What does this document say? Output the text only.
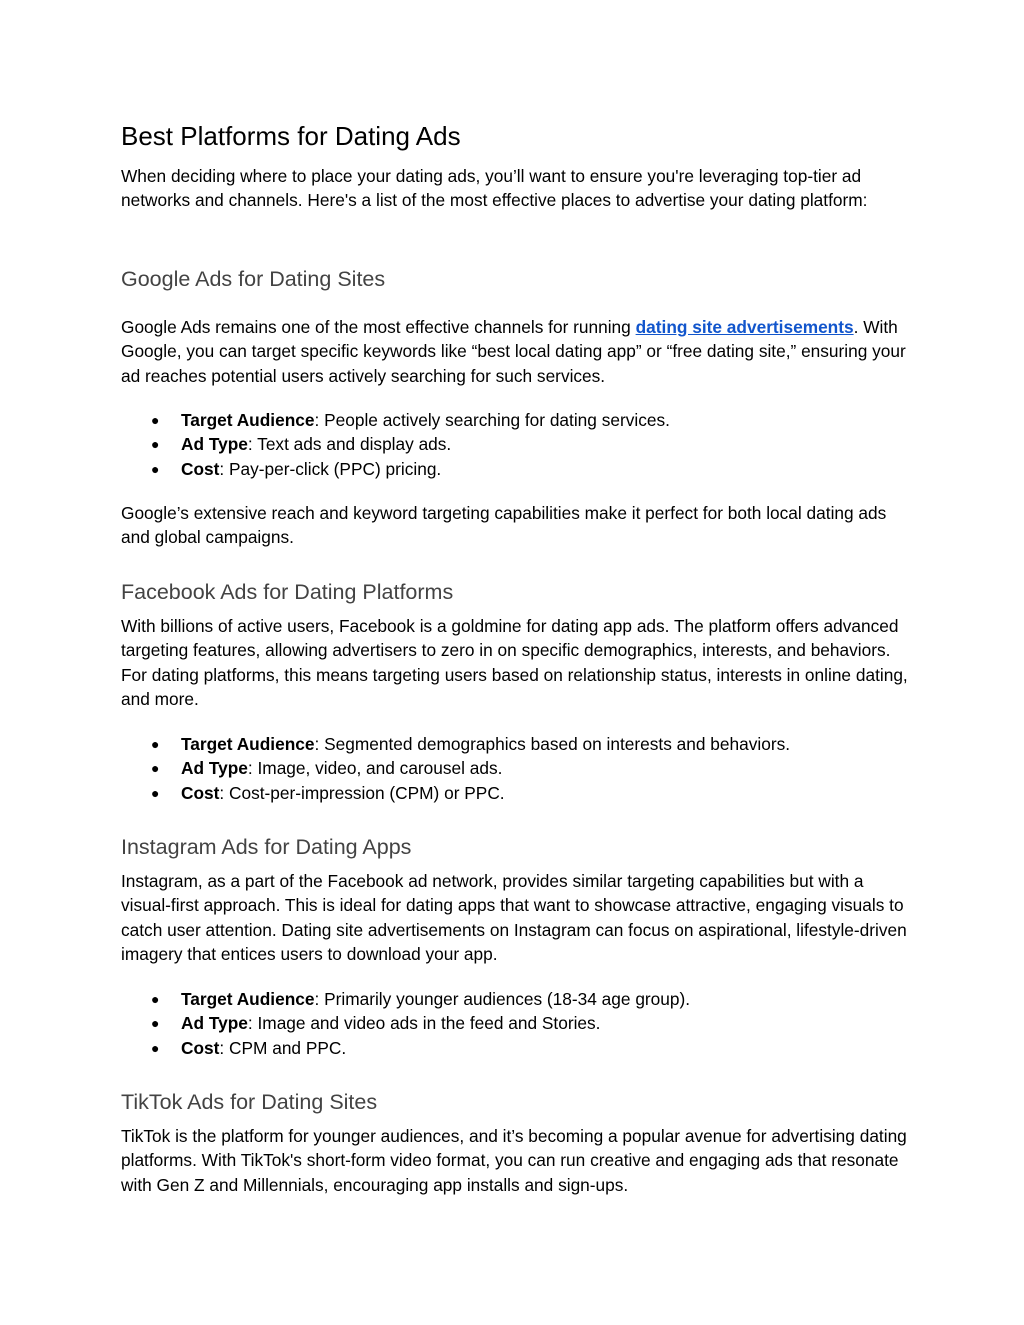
Best Platforms for Dating Ads
When deciding where to place your dating ads, you’ll want to ensure you're leveraging top-tier ad networks and channels. Here's a list of the most effective places to advertise your dating platform:
Google Ads for Dating Sites
Google Ads remains one of the most effective channels for running dating site advertisements. With Google, you can target specific keywords like “best local dating app” or “free dating site,” ensuring your ad reaches potential users actively searching for such services.
● Target Audience: People actively searching for dating services.
● Ad Type: Text ads and display ads.
● Cost: Pay-per-click (PPC) pricing.
Google’s extensive reach and keyword targeting capabilities make it perfect for both local dating ads and global campaigns.
Facebook Ads for Dating Platforms
With billions of active users, Facebook is a goldmine for dating app ads. The platform offers advanced targeting features, allowing advertisers to zero in on specific demographics, interests, and behaviors. For dating platforms, this means targeting users based on relationship status, interests in online dating, and more.
● Target Audience: Segmented demographics based on interests and behaviors.
● Ad Type: Image, video, and carousel ads.
● Cost: Cost-per-impression (CPM) or PPC.
Instagram Ads for Dating Apps
Instagram, as a part of the Facebook ad network, provides similar targeting capabilities but with a visual-first approach. This is ideal for dating apps that want to showcase attractive, engaging visuals to catch user attention. Dating site advertisements on Instagram can focus on aspirational, lifestyle-driven imagery that entices users to download your app.
● Target Audience: Primarily younger audiences (18-34 age group).
● Ad Type: Image and video ads in the feed and Stories.
● Cost: CPM and PPC.
TikTok Ads for Dating Sites
TikTok is the platform for younger audiences, and it’s becoming a popular avenue for advertising dating platforms. With TikTok's short-form video format, you can run creative and engaging ads that resonate with Gen Z and Millennials, encouraging app installs and sign-ups.
